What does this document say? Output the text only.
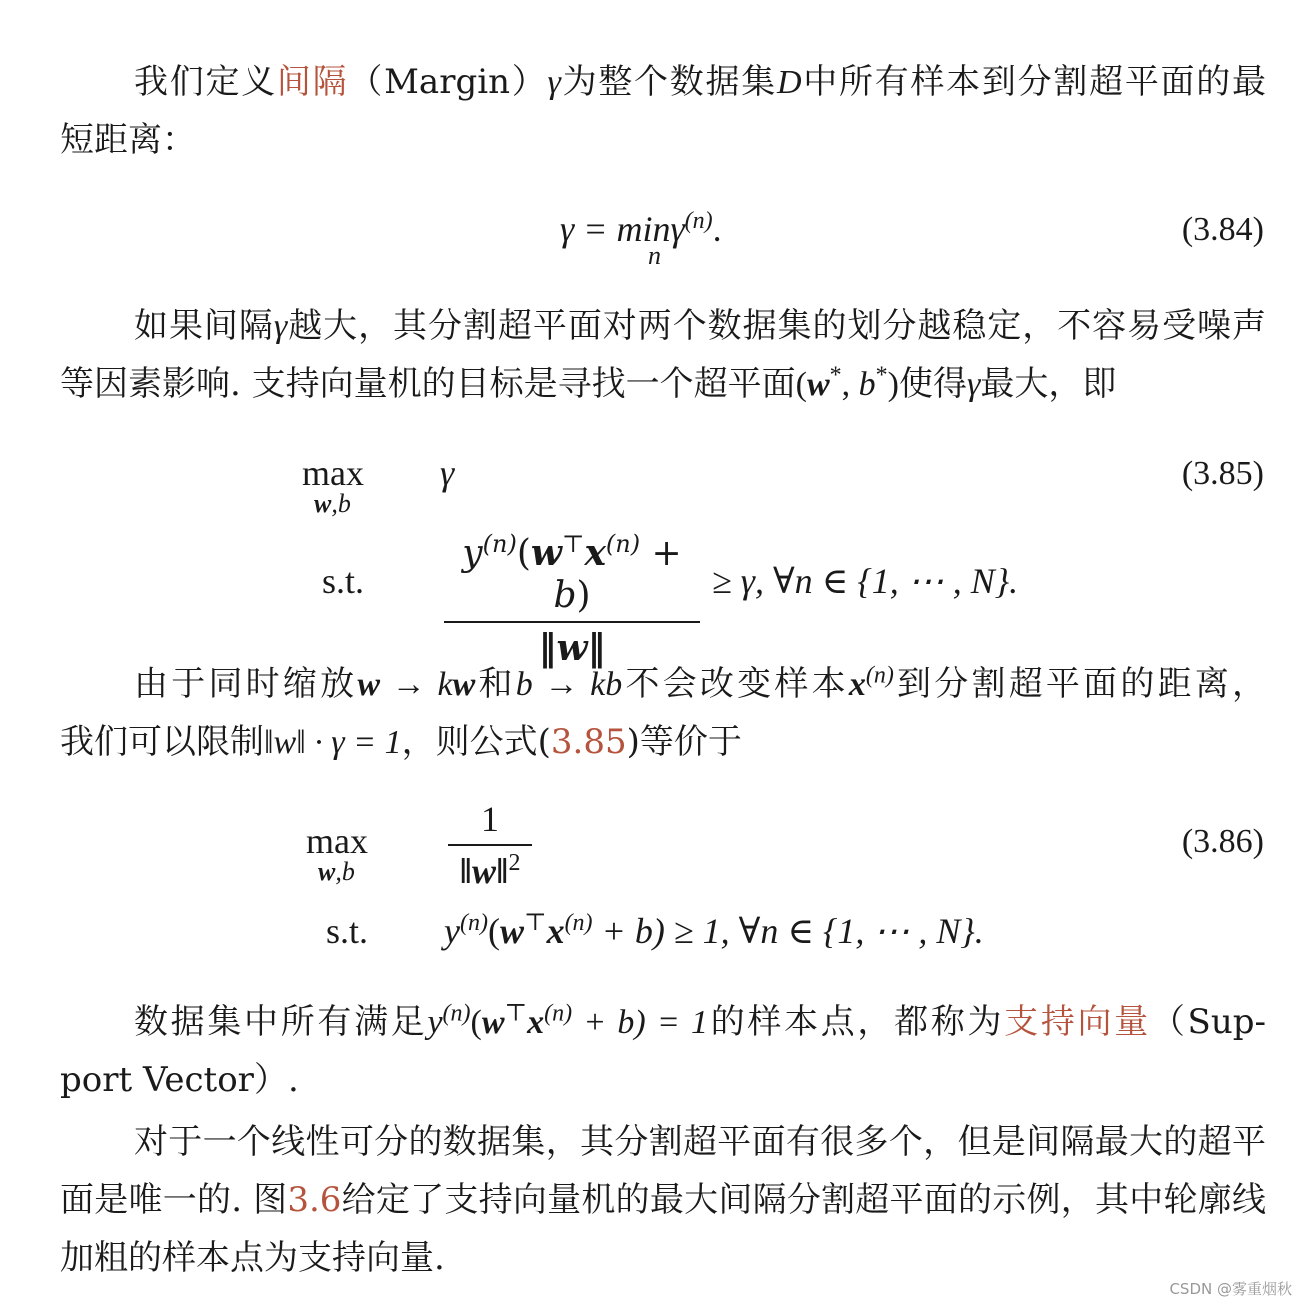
我们定义间隔（Margin）γ为整个数据集D中所有样本到分割超平面的最
短距离：
γ = minγ$^{(n)}$.
n
(3.84)
如果间隔γ越大，其分割超平面对两个数据集的划分越稳定，不容易受噪声
等因素影响. 支持向量机的目标是寻找一个超平面(w*, b*)使得γ最大，即
max
w,b
γ	(3.85)
s.t.
$y^{(n)}(w^⊤x^{(n)} + b)$
‖w‖
≥ γ, ∀n ∈ {1, ⋯ , N}.
由于同时缩放w → kw和b → kb不会改变样本$x^{(n)}$到分割超平面的距离，
我们可以限制‖w‖ · γ = 1，则公式(3.85)等价于
max
w,b
1
‖w‖$^2$
(3.86)
s.t. $y^{(n)}(w^⊤x^{(n)} + b) \ge 1$, ∀n ∈ {1, ⋯ , N}.
数据集中所有满足$y^{(n)}(w^⊤x^{(n)} + b) = 1$的样本点，都称为支持向量（Sup-
port Vector）.
对于一个线性可分的数据集，其分割超平面有很多个，但是间隔最大的超平
面是唯一的. 图3.6给定了支持向量机的最大间隔分割超平面的示例，其中轮廓线
加粗的样本点为支持向量.
CSDN @雾重烟秋
